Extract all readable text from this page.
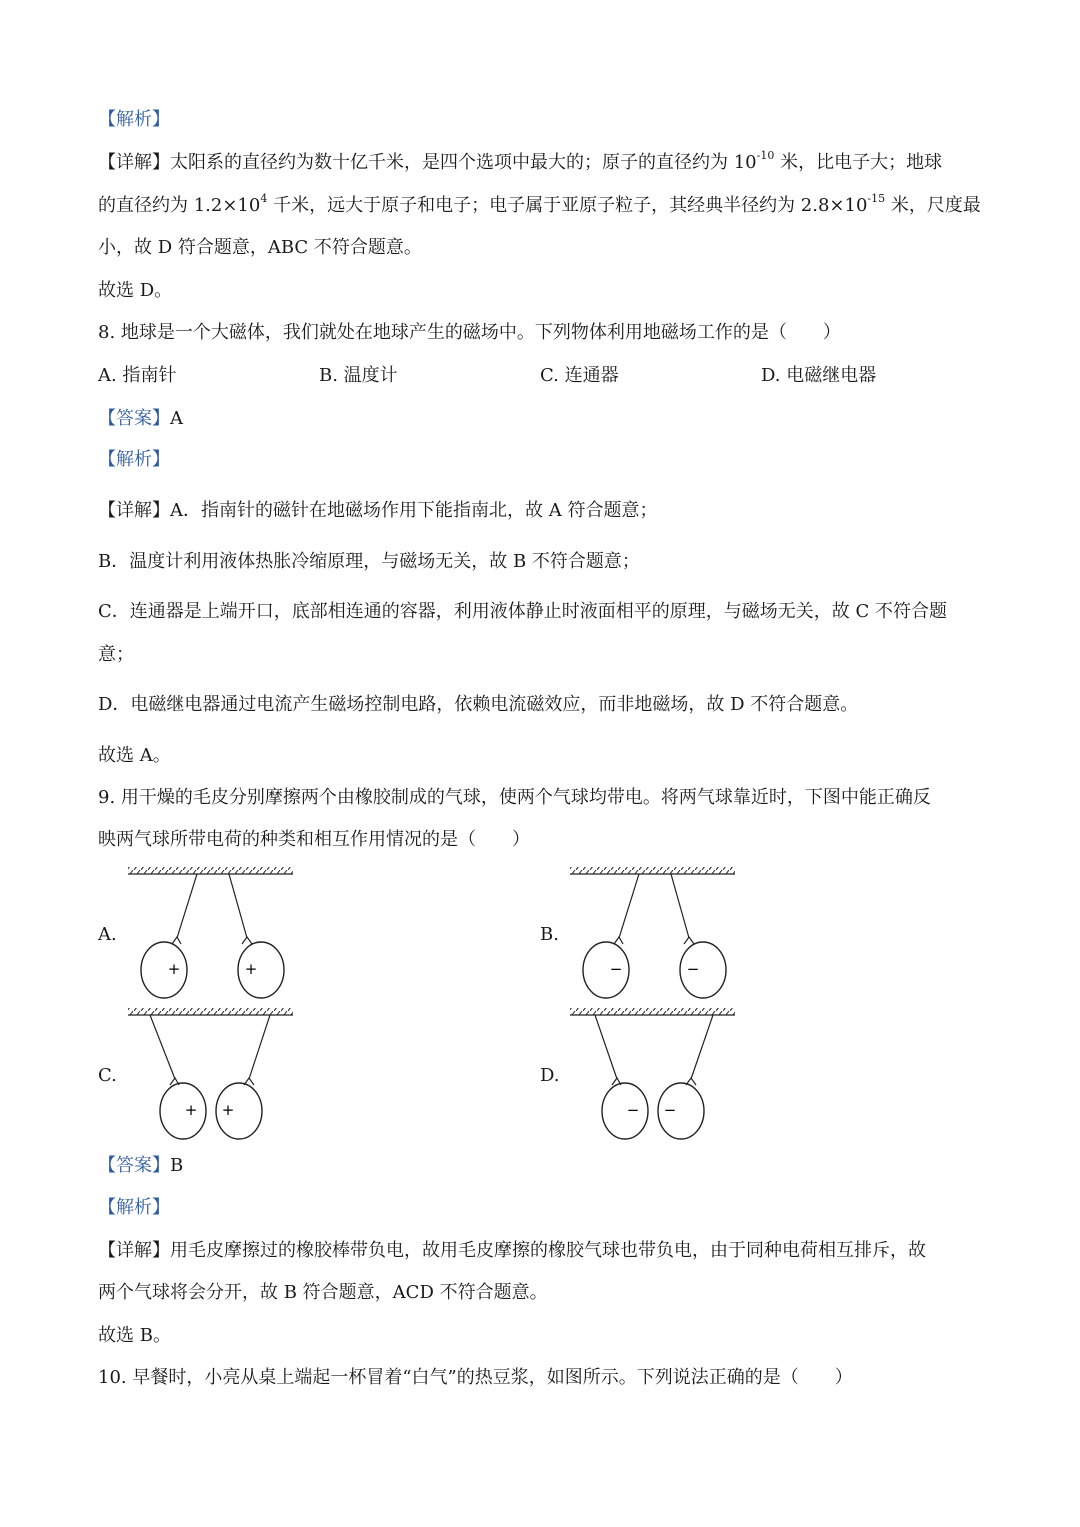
【解析】
【详解】太阳系的直径约为数十亿千米，是四个选项中最大的；原子的直径约为 $10^{-10}$ 米，比电子大；地球
的直径约为 $1.2\times 10^4$ 千米，远大于原子和电子；电子属于亚原子粒子，其经典半径约为 $2.8\times 10^{-15}$ 米，尺度最
小，故 D 符合题意，ABC 不符合题意。
故选 D。
8. 地球是一个大磁体，我们就处在地球产生的磁场中。下列物体利用地磁场工作的是（　　）
A. 指南针	B. 温度计	C. 连通器	D. 电磁继电器
【答案】A
【解析】
【详解】A．指南针的磁针在地磁场作用下能指南北，故 A 符合题意；
B．温度计利用液体热胀冷缩原理，与磁场无关，故 B 不符合题意；
C．连通器是上端开口，底部相连通的容器，利用液体静止时液面相平的原理，与磁场无关，故 C 不符合题
意；
D．电磁继电器通过电流产生磁场控制电路，依赖电流磁效应，而非地磁场，故 D 不符合题意。
故选 A。
9. 用干燥的毛皮分别摩擦两个由橡胶制成的气球，使两个气球均带电。将两气球靠近时，下图中能正确反
映两气球所带电荷的种类和相互作用情况的是（　　）
A.	B.
C.	D.
+	+	−	−
+ +	− −
【答案】B
【解析】
【详解】用毛皮摩擦过的橡胶棒带负电，故用毛皮摩擦的橡胶气球也带负电，由于同种电荷相互排斥，故
两个气球将会分开，故 B 符合题意，ACD 不符合题意。
故选 B。
10. 早餐时，小亮从桌上端起一杯冒着“白气”的热豆浆，如图所示。下列说法正确的是（　　）
